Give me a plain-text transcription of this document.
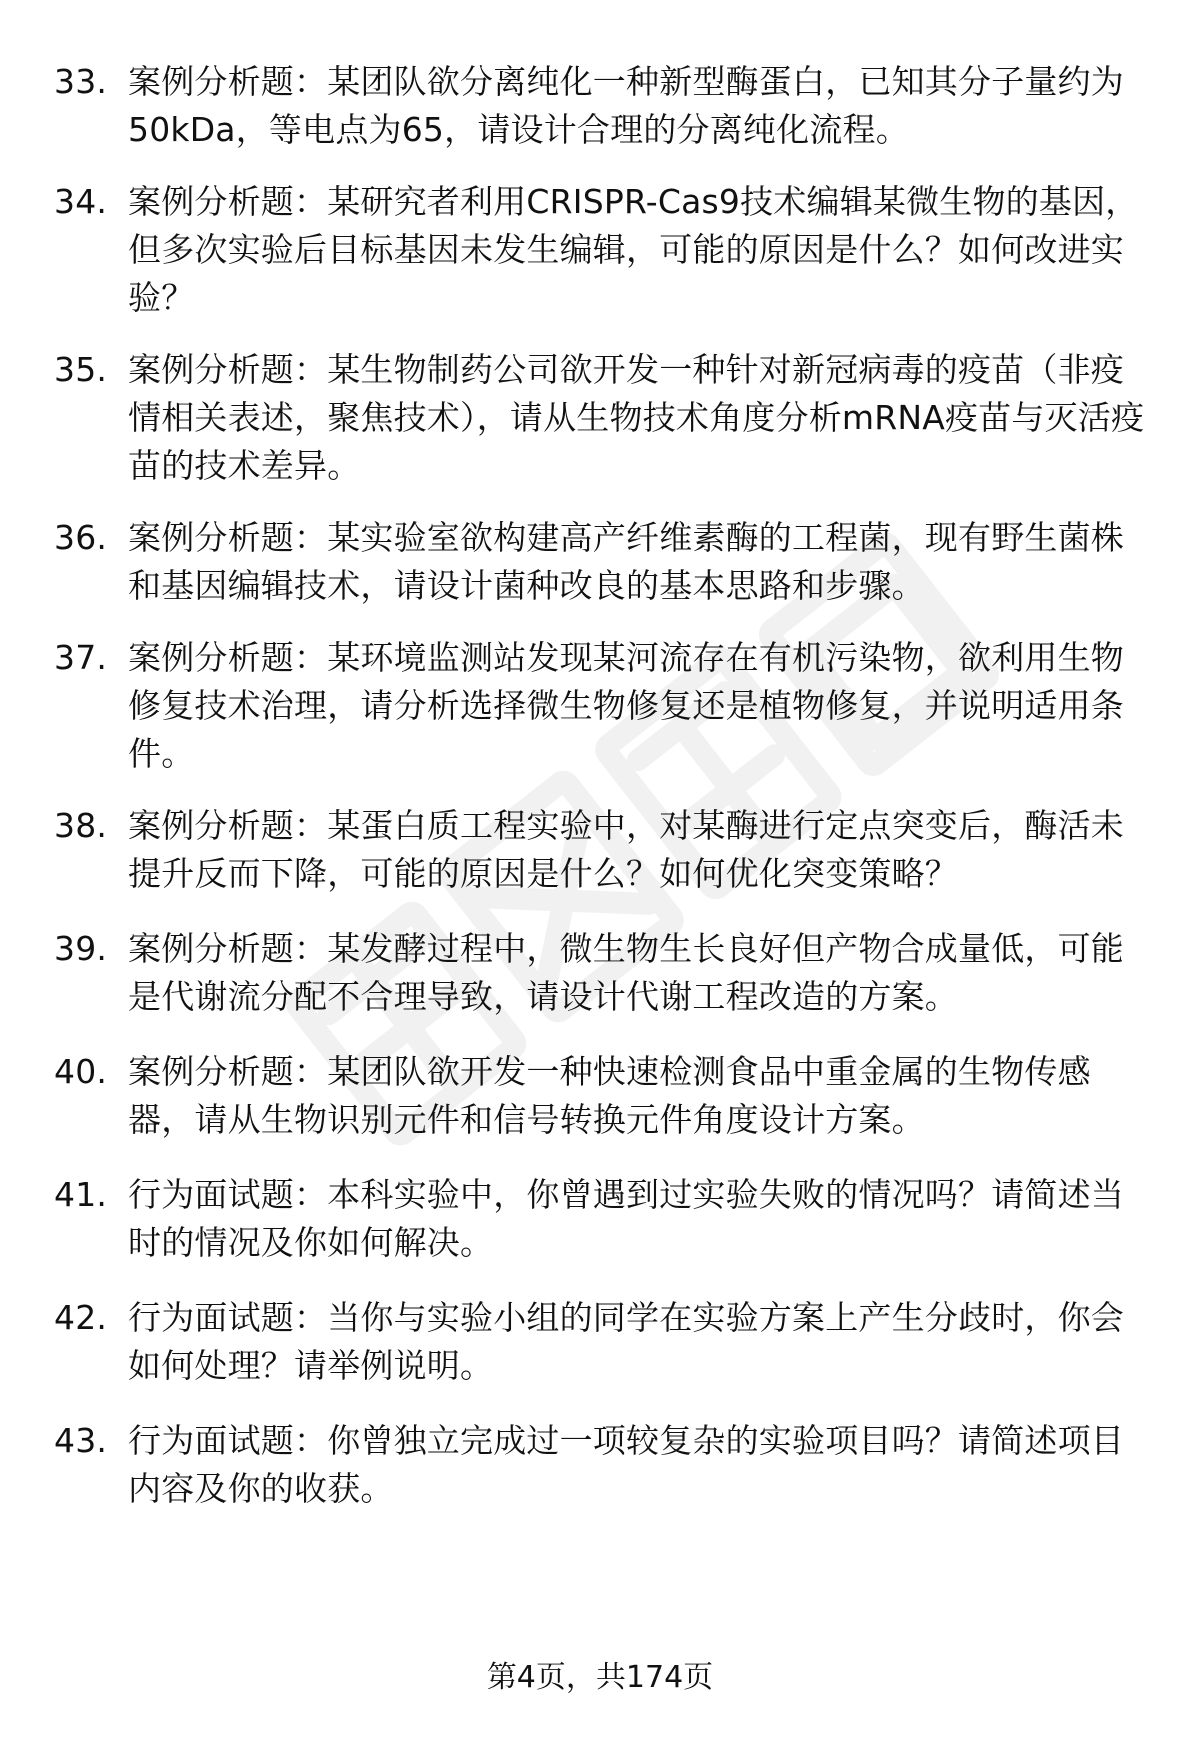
33. 案例分析题：某团队欲分离纯化一种新型酶蛋白，已知其分子量约为50kDa，等电点为65，请设计合理的分离纯化流程。
34. 案例分析题：某研究者利用CRISPR-Cas9技术编辑某微生物的基因，但多次实验后目标基因未发生编辑，可能的原因是什么？如何改进实验？
35. 案例分析题：某生物制药公司欲开发一种针对新冠病毒的疫苗（非疫情相关表述，聚焦技术），请从生物技术角度分析mRNA疫苗与灭活疫苗的技术差异。
36. 案例分析题：某实验室欲构建高产纤维素酶的工程菌，现有野生菌株和基因编辑技术，请设计菌种改良的基本思路和步骤。
37. 案例分析题：某环境监测站发现某河流存在有机污染物，欲利用生物修复技术治理，请分析选择微生物修复还是植物修复，并说明适用条件。
38. 案例分析题：某蛋白质工程实验中，对某酶进行定点突变后，酶活未提升反而下降，可能的原因是什么？如何优化突变策略？
39. 案例分析题：某发酵过程中，微生物生长良好但产物合成量低，可能是代谢流分配不合理导致，请设计代谢工程改造的方案。
40. 案例分析题：某团队欲开发一种快速检测食品中重金属的生物传感器，请从生物识别元件和信号转换元件角度设计方案。
41. 行为面试题：本科实验中，你曾遇到过实验失败的情况吗？请简述当时的情况及你如何解决。
42. 行为面试题：当你与实验小组的同学在实验方案上产生分歧时，你会如何处理？请举例说明。
43. 行为面试题：你曾独立完成过一项较复杂的实验项目吗？请简述项目内容及你的收获。
第4页，共174页
